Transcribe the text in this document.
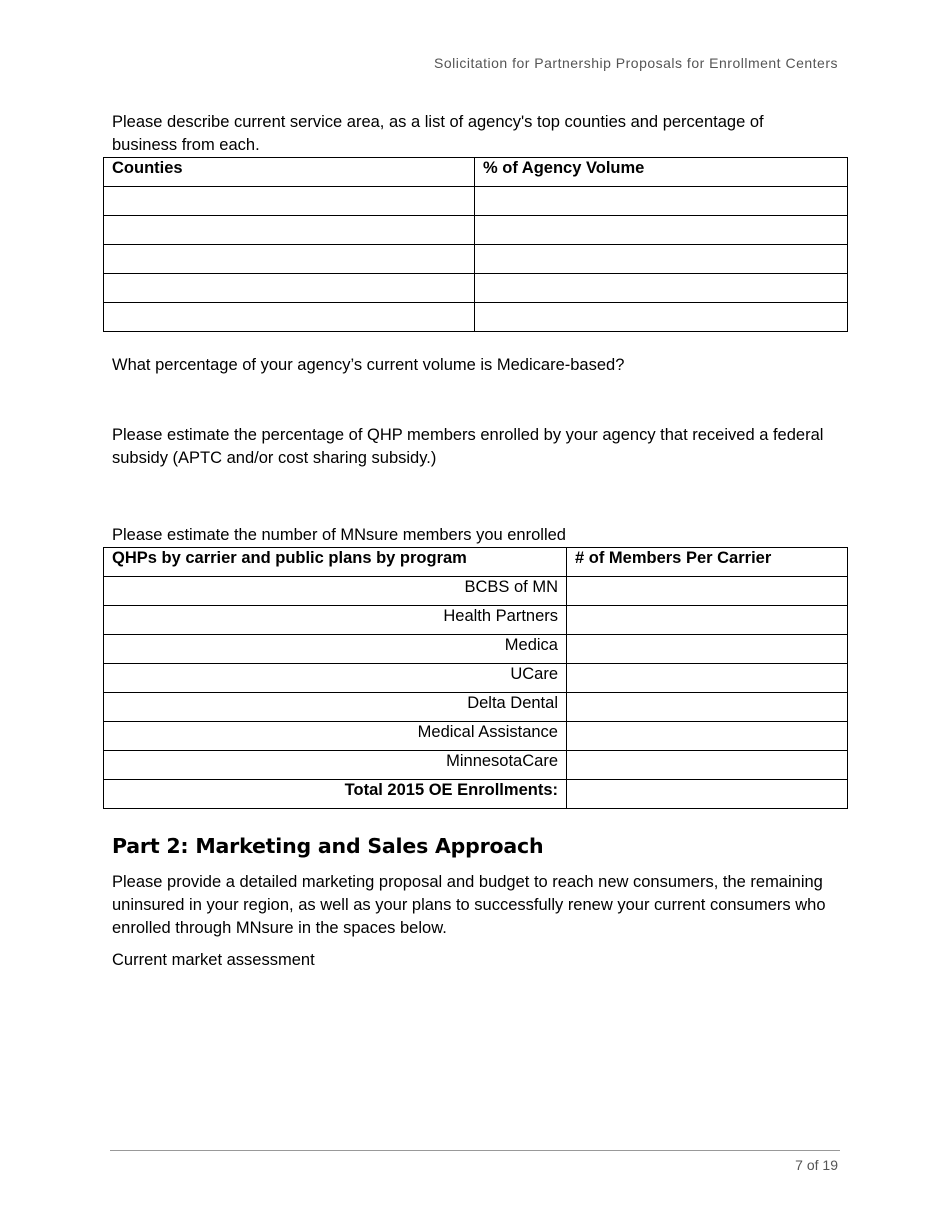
Solicitation for Partnership Proposals for Enrollment Centers
Please describe current service area, as a list of agency's top counties and percentage of business from each.
Counties	% of Agency Volume

What percentage of your agency’s current volume is Medicare-based?
Please estimate the percentage of QHP members enrolled by your agency that received a federal subsidy (APTC and/or cost sharing subsidy.)
Please estimate the number of MNsure members you enrolled
QHPs by carrier and public plans by program	# of Members Per Carrier
BCBS of MN	
Health Partners	
Medica	
UCare	
Delta Dental	
Medical Assistance	
MinnesotaCare	
Total 2015 OE Enrollments:	
Part 2: Marketing and Sales Approach
Please provide a detailed marketing proposal and budget to reach new consumers, the remaining uninsured in your region, as well as your plans to successfully renew your current consumers who enrolled through MNsure in the spaces below.
Current market assessment
7 of 19
